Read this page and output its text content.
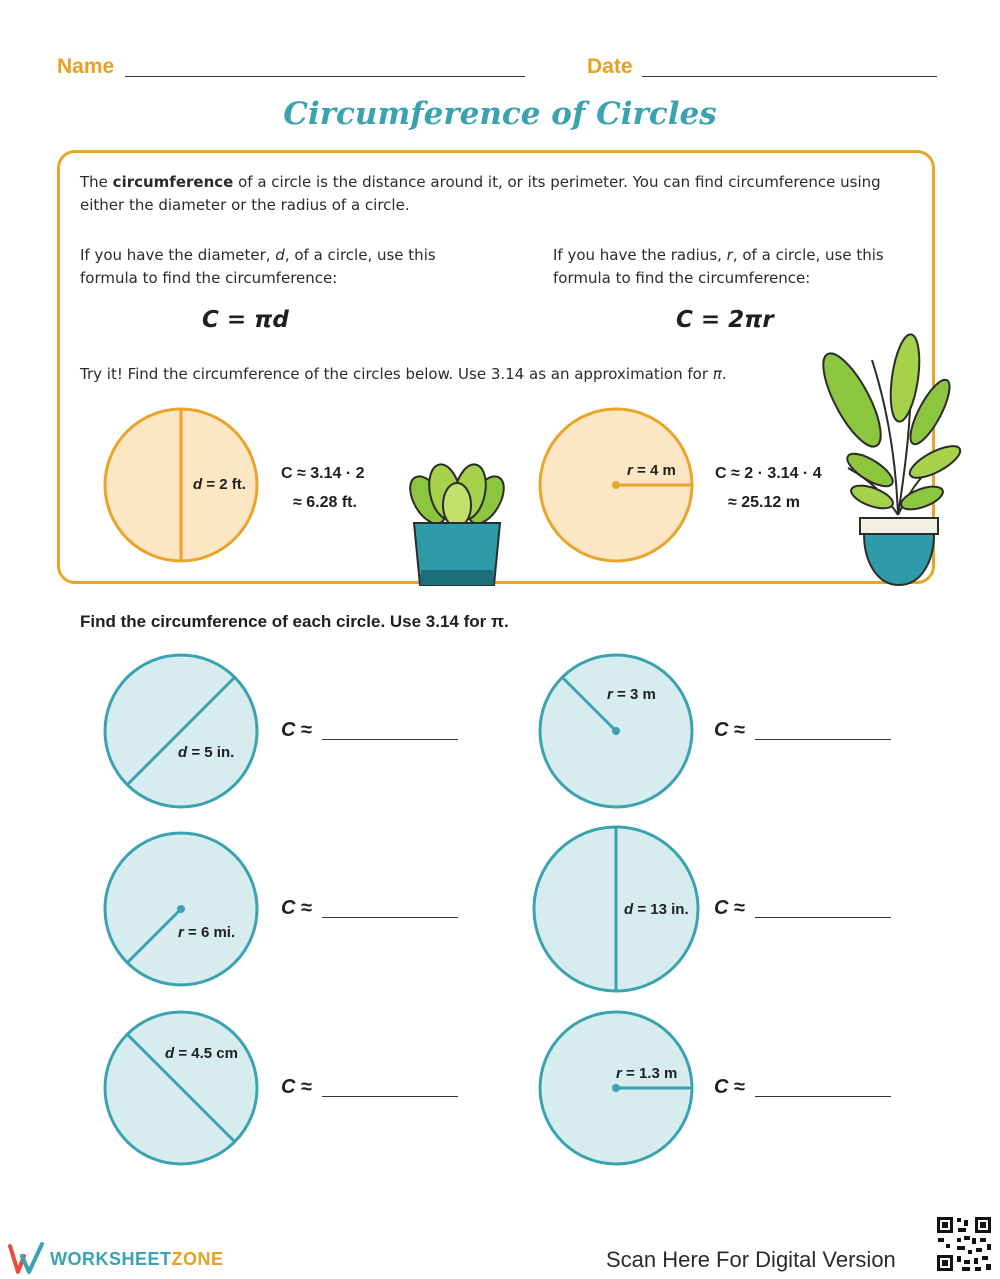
Name	Date
Circumference of Circles
The circumference of a circle is the distance around it, or its perimeter. You can find circumference using either the diameter or the radius of a circle.
If you have the diameter, d, of a circle, use this formula to find the circumference:
If you have the radius, r, of a circle, use this formula to find the circumference:
C = πd	C = 2πr
Try it! Find the circumference of the circles below. Use 3.14 as an approximation for π.
d = 2 ft.
C ≈ 3.14 · 2
≈ 6.28 ft.
r = 4 m C ≈ 2 · 3.14 · 4
≈ 25.12 m
Find the circumference of each circle. Use 3.14 for π.
d = 5 in.
r = 3 m
r = 6 mi.
d = 13 in.
d = 4.5 cm
r = 1.3 m
C ≈	C ≈
C ≈	C ≈
C ≈	C ≈
WORKSHEETZONE	Scan Here For Digital Version
